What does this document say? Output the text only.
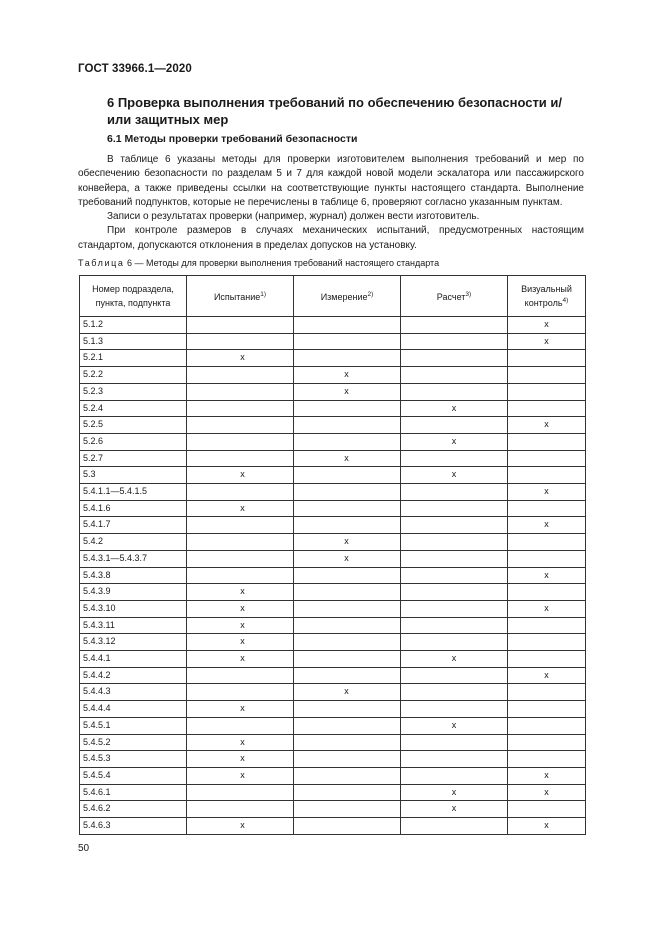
ГОСТ 33966.1—2020
6 Проверка выполнения требований по обеспечению безопасности и/или защитных мер
6.1 Методы проверки требований безопасности

В таблице 6 указаны методы для проверки изготовителем выполнения требований и мер по обеспечению безопасности по разделам 5 и 7 для каждой новой модели эскалатора или пассажирского конвейера, а также приведены ссылки на соответствующие пункты настоящего стандарта. Выполнение требований подпунктов, которые не перечислены в таблице 6, проверяют согласно указанным пунктам.

Записи о результатах проверки (например, журнал) должен вести изготовитель.

При контроле размеров в случаях механических испытаний, предусмотренных настоящим стандартом, допускаются отклонения в пределах допусков на установку.

Таблица 6 — Методы для проверки выполнения требований настоящего стандарта
Номер подраздела, пункта, подпункта	Испытание$^{1)}$	Измерение$^{2)}$	Расчет$^{3)}$	Визуальный контроль$^{4)}$
5.1.2				x
5.1.3				x
5.2.1	x			
5.2.2		x		
5.2.3		x		
5.2.4			x	
5.2.5				x
5.2.6			x	
5.2.7		x		
5.3	x		x	
5.4.1.1—5.4.1.5				x
5.4.1.6	x			
5.4.1.7				x
5.4.2		x		
5.4.3.1—5.4.3.7		x		
5.4.3.8				x
5.4.3.9	x			
5.4.3.10	x			x
5.4.3.11	x			
5.4.3.12	x			
5.4.4.1	x		x	
5.4.4.2				x
5.4.4.3		x		
5.4.4.4	x			
5.4.5.1			x	
5.4.5.2	x			
5.4.5.3	x			
5.4.5.4	x			x
5.4.6.1			x	x
5.4.6.2			x	
5.4.6.3	x			x
50
